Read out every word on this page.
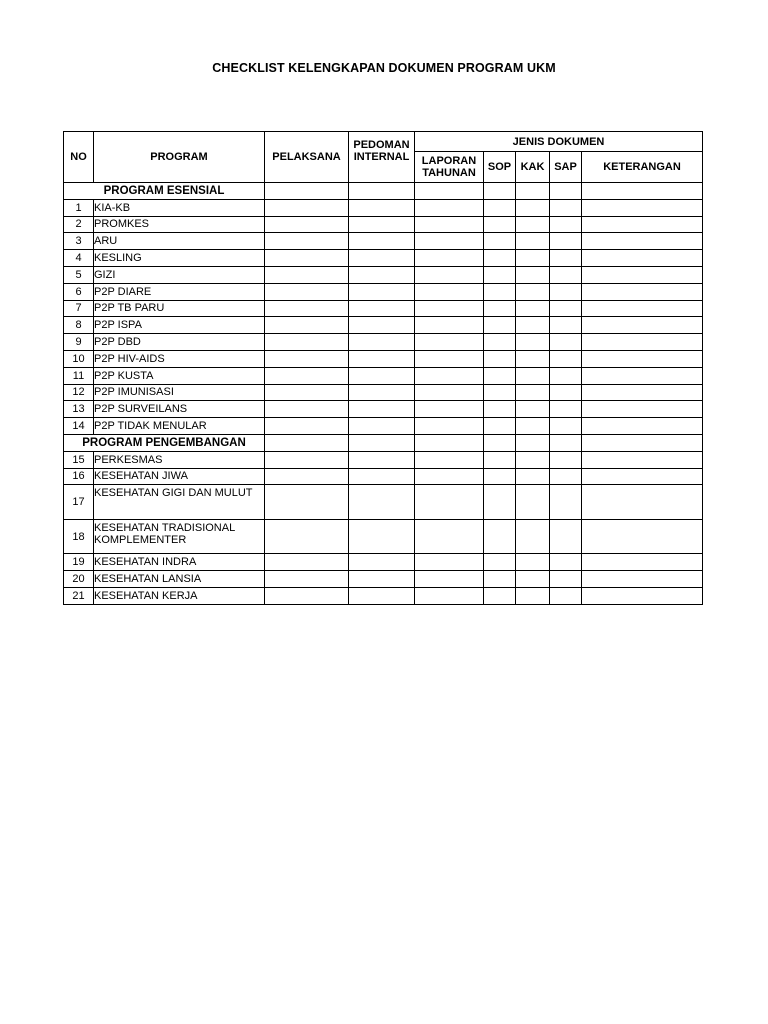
CHECKLIST KELENGKAPAN DOKUMEN PROGRAM UKM
NO	PROGRAM	PELAKSANA	PEDOMAN INTERNAL	JENIS DOKUMEN				
				LAPORAN TAHUNAN	SOP	KAK	SAP	KETERANGAN
PROGRAM ESENSIAL								
1	KIA-KB							
2	PROMKES							
3	ARU							
4	KESLING							
5	GIZI							
6	P2P DIARE							
7	P2P TB PARU							
8	P2P ISPA							
9	P2P DBD							
10	P2P HIV-AIDS							
11	P2P KUSTA							
12	P2P IMUNISASI							
13	P2P SURVEILANS							
14	P2P TIDAK MENULAR							
PROGRAM PENGEMBANGAN								
15	PERKESMAS							
16	KESEHATAN JIWA							
17	KESEHATAN GIGI DAN MULUT							
18	KESEHATAN TRADISIONAL KOMPLEMENTER							
19	KESEHATAN INDRA							
20	KESEHATAN LANSIA							
21	KESEHATAN KERJA							
